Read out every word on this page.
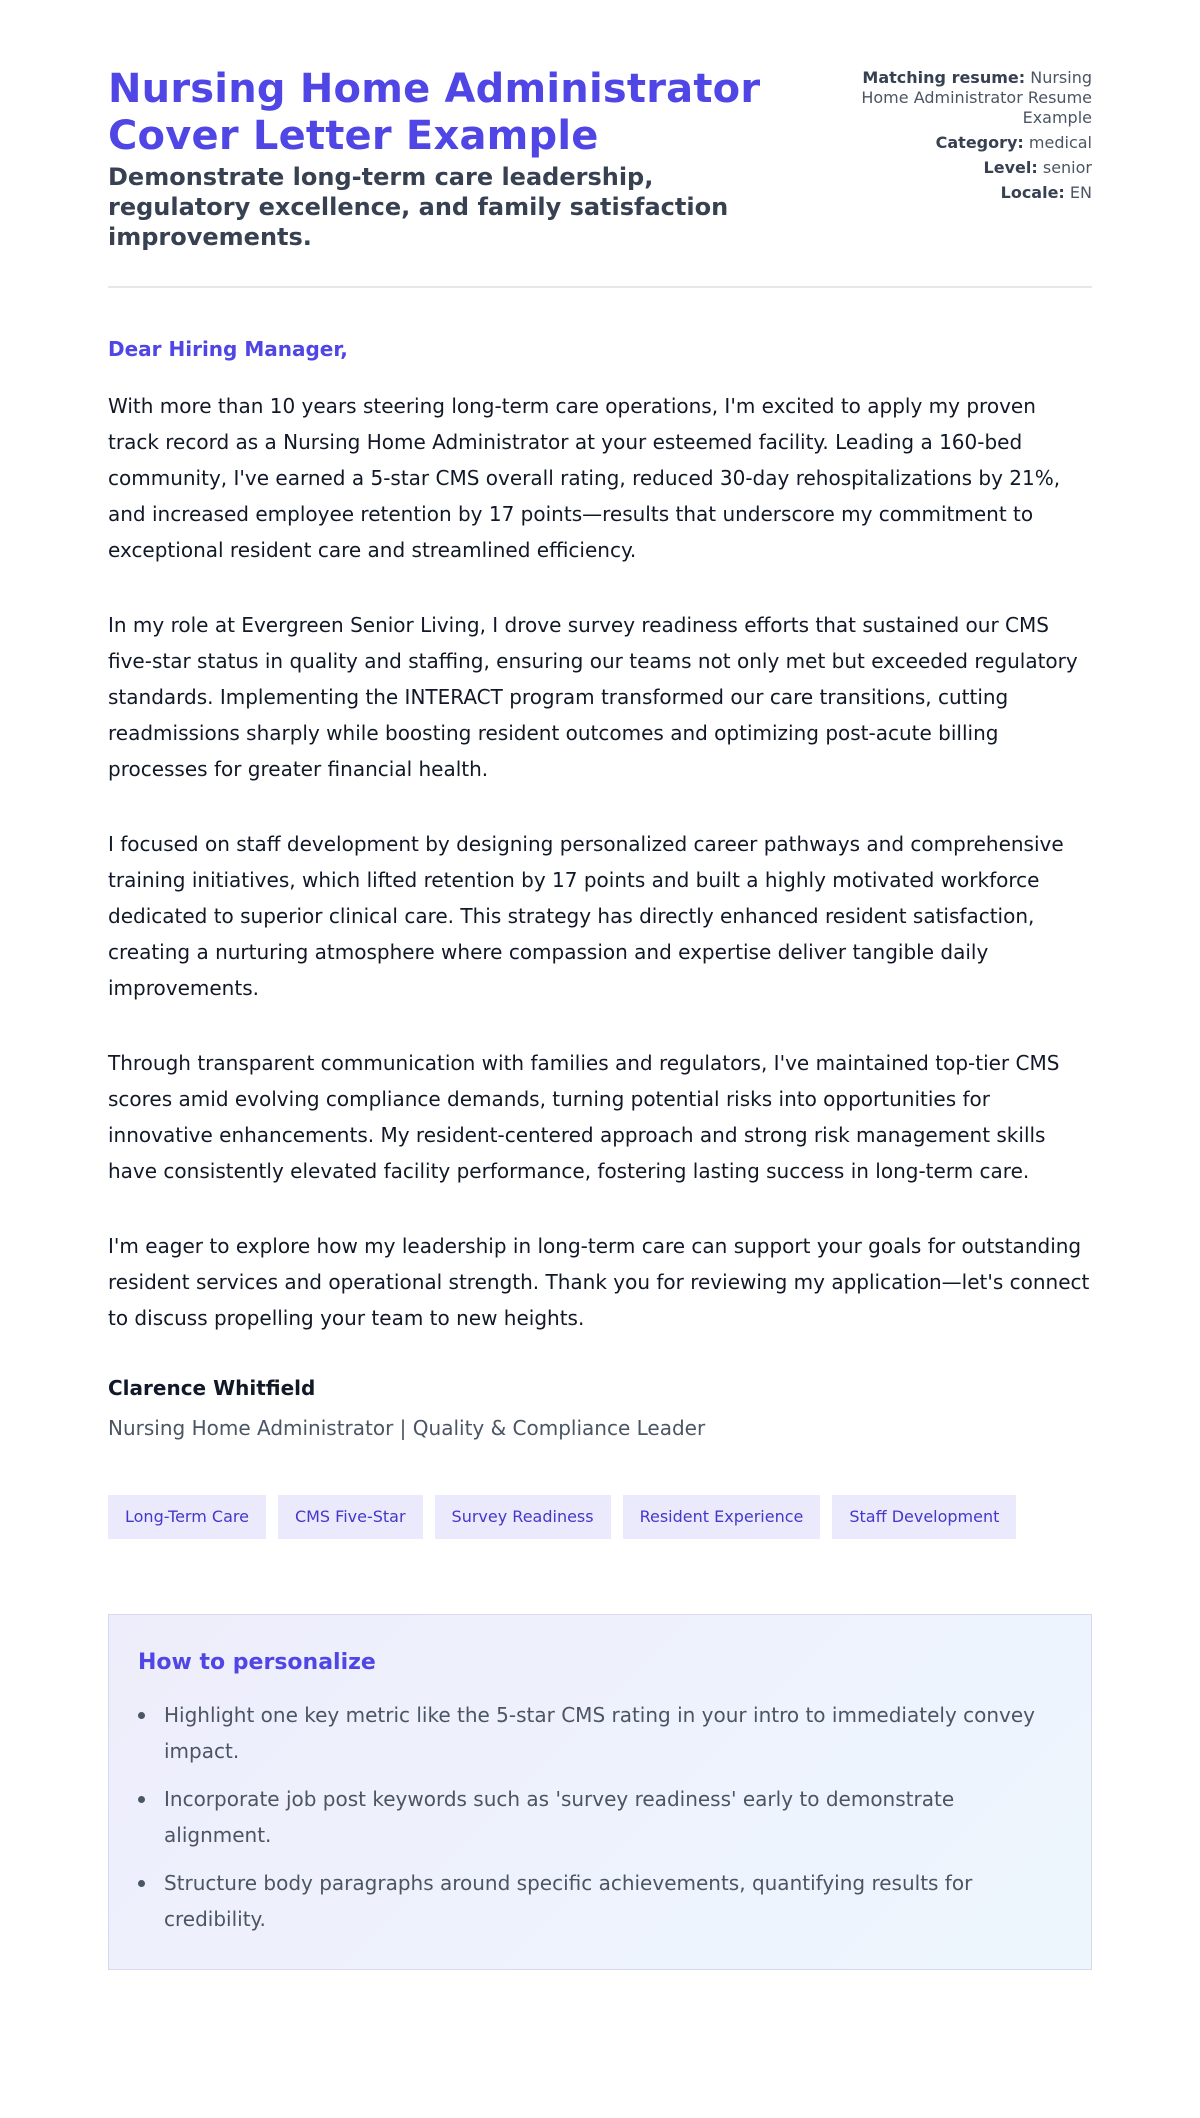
Nursing Home Administrator Cover Letter Example
Demonstrate long-term care leadership, regulatory excellence, and family satisfaction improvements.
Matching resume: Nursing Home Administrator Resume Example
Category: medical
Level: senior
Locale: EN

Dear Hiring Manager,

With more than 10 years steering long-term care operations, I'm excited to apply my proven track record as a Nursing Home Administrator at your esteemed facility. Leading a 160-bed community, I've earned a 5-star CMS overall rating, reduced 30-day rehospitalizations by 21%, and increased employee retention by 17 points—results that underscore my commitment to exceptional resident care and streamlined efficiency.

In my role at Evergreen Senior Living, I drove survey readiness efforts that sustained our CMS five-star status in quality and staffing, ensuring our teams not only met but exceeded regulatory standards. Implementing the INTERACT program transformed our care transitions, cutting readmissions sharply while boosting resident outcomes and optimizing post-acute billing processes for greater financial health.

I focused on staff development by designing personalized career pathways and comprehensive training initiatives, which lifted retention by 17 points and built a highly motivated workforce dedicated to superior clinical care. This strategy has directly enhanced resident satisfaction, creating a nurturing atmosphere where compassion and expertise deliver tangible daily improvements.

Through transparent communication with families and regulators, I've maintained top-tier CMS scores amid evolving compliance demands, turning potential risks into opportunities for innovative enhancements. My resident-centered approach and strong risk management skills have consistently elevated facility performance, fostering lasting success in long-term care.

I'm eager to explore how my leadership in long-term care can support your goals for outstanding resident services and operational strength. Thank you for reviewing my application—let's connect to discuss propelling your team to new heights.

Clarence Whitfield
Nursing Home Administrator | Quality & Compliance Leader
Long-Term Care	CMS Five-Star	Survey Readiness	Resident Experience	Staff Development
How to personalize
Highlight one key metric like the 5-star CMS rating in your intro to immediately convey impact.
Incorporate job post keywords such as 'survey readiness' early to demonstrate alignment.
Structure body paragraphs around specific achievements, quantifying results for credibility.
